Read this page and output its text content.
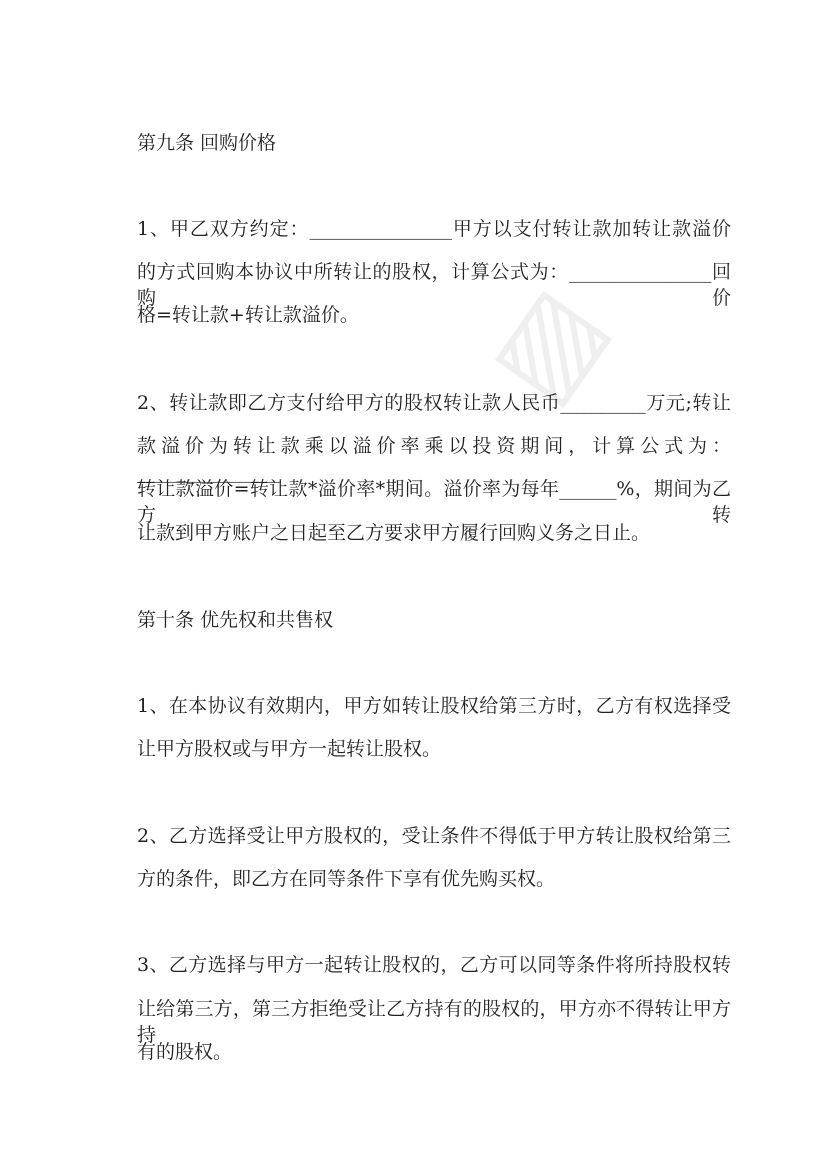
▧
第九条 回购价格
1、甲乙双方约定：_______________甲方以支付转让款加转让款溢价
的方式回购本协议中所转让的股权，计算公式为：_______________回购价
格=转让款+转让款溢价。
2、转让款即乙方支付给甲方的股权转让款人民币_________万元;转让
款溢价为转让款乘以溢价率乘以投资期间，计算公式为：_______________
转让款溢价=转让款*溢价率*期间。溢价率为每年______%，期间为乙方转
让款到甲方账户之日起至乙方要求甲方履行回购义务之日止。
第十条 优先权和共售权
1、在本协议有效期内，甲方如转让股权给第三方时，乙方有权选择受
让甲方股权或与甲方一起转让股权。
2、乙方选择受让甲方股权的，受让条件不得低于甲方转让股权给第三
方的条件，即乙方在同等条件下享有优先购买权。
3、乙方选择与甲方一起转让股权的，乙方可以同等条件将所持股权转
让给第三方，第三方拒绝受让乙方持有的股权的，甲方亦不得转让甲方持
有的股权。
